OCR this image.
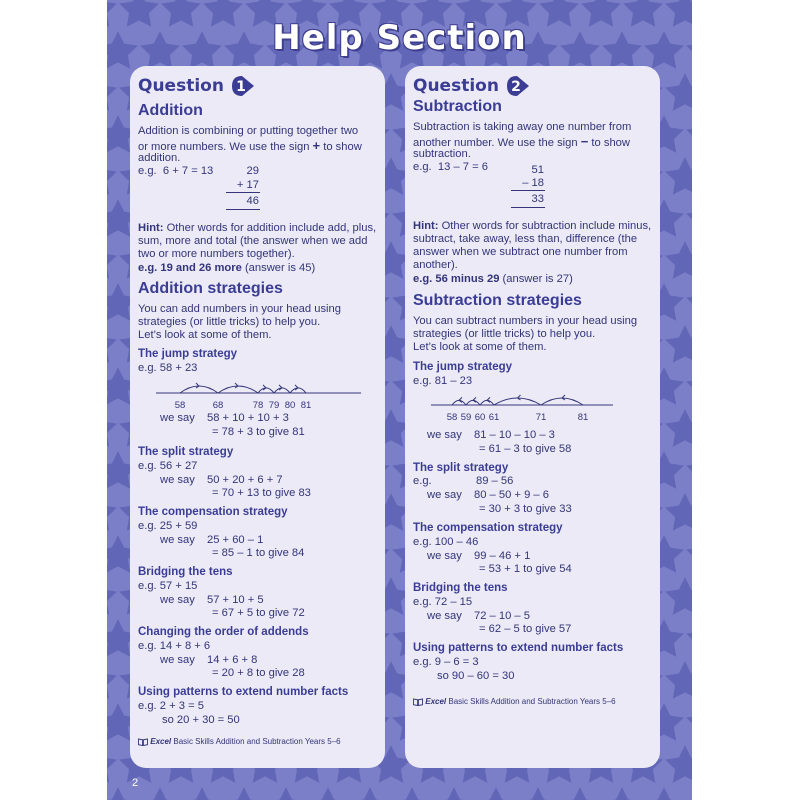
Help Section
Question 1
Addition
Addition is combining or putting together two
or more numbers. We use the sign + to show
addition.
e.g. 6 + 7 = 13	29
+ 17
46
Hint: Other words for addition include add, plus,
sum, more and total (the answer when we add
two or more numbers together).
e.g. 19 and 26 more (answer is 45)
Addition strategies
You can add numbers in your head using
strategies (or little tricks) to help you.
Let’s look at some of them.
The jump strategy
e.g. 58 + 23
58	68	78 79 80 81
we say 58 + 10 + 10 + 3
= 78 + 3 to give 81
The split strategy
e.g. 56 + 27
we say 50 + 20 + 6 + 7
= 70 + 13 to give 83
The compensation strategy
e.g. 25 + 59
we say 25 + 60 – 1
= 85 – 1 to give 84
Bridging the tens
e.g. 57 + 15
we say 57 + 10 + 5
= 67 + 5 to give 72
Changing the order of addends
e.g. 14 + 8 + 6
we say 14 + 6 + 8
= 20 + 8 to give 28
Using patterns to extend number facts
e.g. 2 + 3 = 5
so 20 + 30 = 50
Excel Basic Skills Addition and Subtraction Years 5–6
Question 2
Subtraction
Subtraction is taking away one number from
another number. We use the sign − to show
subtraction.
e.g. 13 – 7 = 6	51
– 18
33
Hint: Other words for subtraction include minus,
subtract, take away, less than, difference (the
answer when we subtract one number from
another).
e.g. 56 minus 29 (answer is 27)
Subtraction strategies
You can subtract numbers in your head using
strategies (or little tricks) to help you.
Let’s look at some of them.
The jump strategy
e.g. 81 – 23
58 59 60 61	71	81
we say 81 – 10 – 10 – 3
= 61 – 3 to give 58
The split strategy
e.g.	89 – 56
we say 80 – 50 + 9 – 6
= 30 + 3 to give 33
The compensation strategy
e.g. 100 – 46
we say 99 – 46 + 1
= 53 + 1 to give 54
Bridging the tens
e.g. 72 – 15
we say 72 – 10 – 5
= 62 – 5 to give 57
Using patterns to extend number facts
e.g. 9 – 6 = 3
so 90 – 60 = 30
Excel Basic Skills Addition and Subtraction Years 5–6
2
